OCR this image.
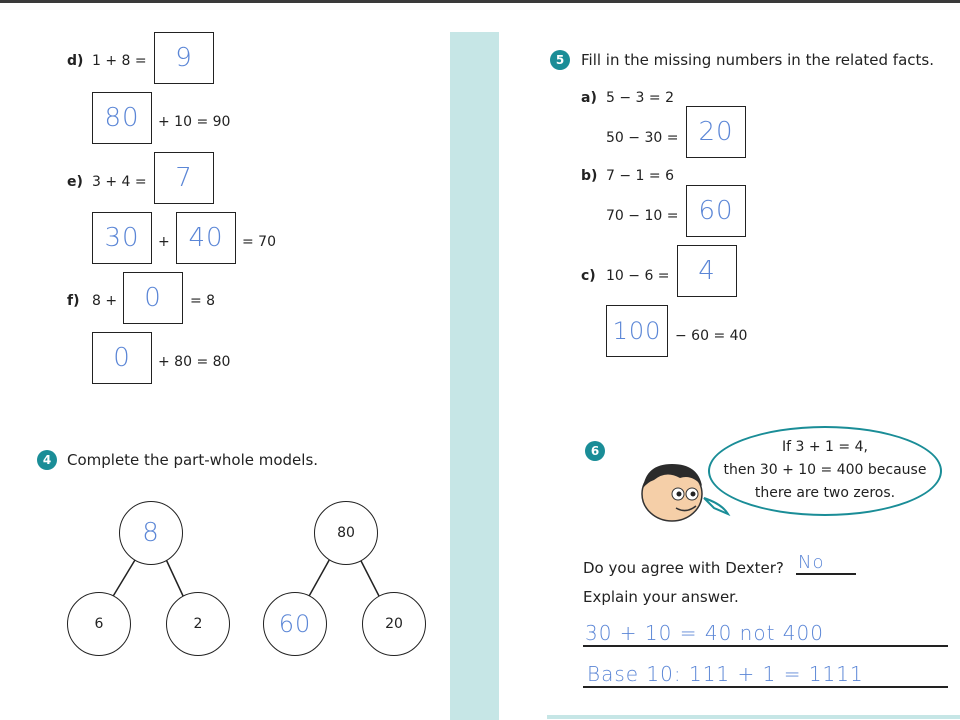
d) 1 + 8 = 9
80 + 10 = 90
e) 3 + 4 = 7
30 + 40 = 70
f) 8 + 0 = 8
0 + 80 = 80
4	Complete the part-whole models.
8
6	2
80
60	20
5	Fill in the missing numbers in the related facts.
a) 5 − 3 = 2
50 − 30 = 20
b) 7 − 1 = 6
70 − 10 = 60
c) 10 − 6 = 4
100 − 60 = 40
6	If 3 + 1 = 4,
then 30 + 10 = 400 because
there are two zeros.
Do you agree with Dexter? No
Explain your answer.
30 + 10 = 40 not 400
Base 10: 111 + 1 = 1111
